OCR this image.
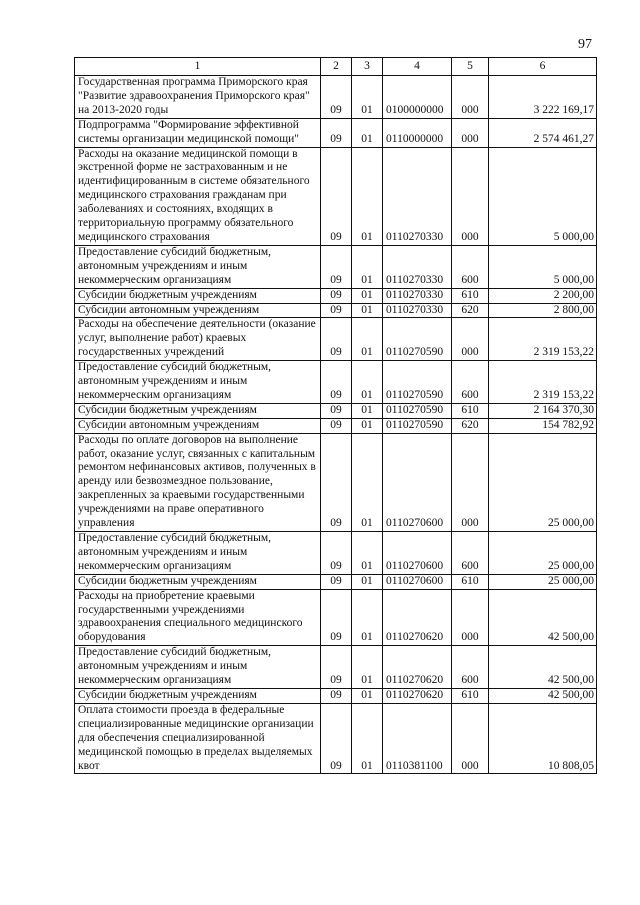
97
1	2	3	4	5	6
Государственная программа Приморского края "Развитие здравоохранения Приморского края" на 2013-2020 годы	09	01	0100000000	000	3 222 169,17
Подпрограмма "Формирование эффективной системы организации медицинской помощи"	09	01	0110000000	000	2 574 461,27
Расходы на оказание медицинской помощи в экстренной форме не застрахованным и не идентифицированным в системе обязательного медицинского страхования гражданам при заболеваниях и состояниях, входящих в территориальную программу обязательного медицинского страхования	09	01	0110270330	000	5 000,00
Предоставление субсидий бюджетным, автономным учреждениям и иным некоммерческим организациям	09	01	0110270330	600	5 000,00
Субсидии бюджетным учреждениям	09	01	0110270330	610	2 200,00
Субсидии автономным учреждениям	09	01	0110270330	620	2 800,00
Расходы на обеспечение деятельности (оказание услуг, выполнение работ) краевых государственных учреждений	09	01	0110270590	000	2 319 153,22
Предоставление субсидий бюджетным, автономным учреждениям и иным некоммерческим организациям	09	01	0110270590	600	2 319 153,22
Субсидии бюджетным учреждениям	09	01	0110270590	610	2 164 370,30
Субсидии автономным учреждениям	09	01	0110270590	620	154 782,92
Расходы по оплате договоров на выполнение работ, оказание услуг, связанных с капитальным ремонтом нефинансовых активов, полученных в аренду или безвозмездное пользование, закрепленных за краевыми государственными учреждениями на праве оперативного управления	09	01	0110270600	000	25 000,00
Предоставление субсидий бюджетным, автономным учреждениям и иным некоммерческим организациям	09	01	0110270600	600	25 000,00
Субсидии бюджетным учреждениям	09	01	0110270600	610	25 000,00
Расходы на приобретение краевыми государственными учреждениями здравоохранения специального медицинского оборудования	09	01	0110270620	000	42 500,00
Предоставление субсидий бюджетным, автономным учреждениям и иным некоммерческим организациям	09	01	0110270620	600	42 500,00
Субсидии бюджетным учреждениям	09	01	0110270620	610	42 500,00
Оплата стоимости проезда в федеральные специализированные медицинские организации для обеспечения специализированной медицинской помощью в пределах выделяемых квот	09	01	0110381100	000	10 808,05
